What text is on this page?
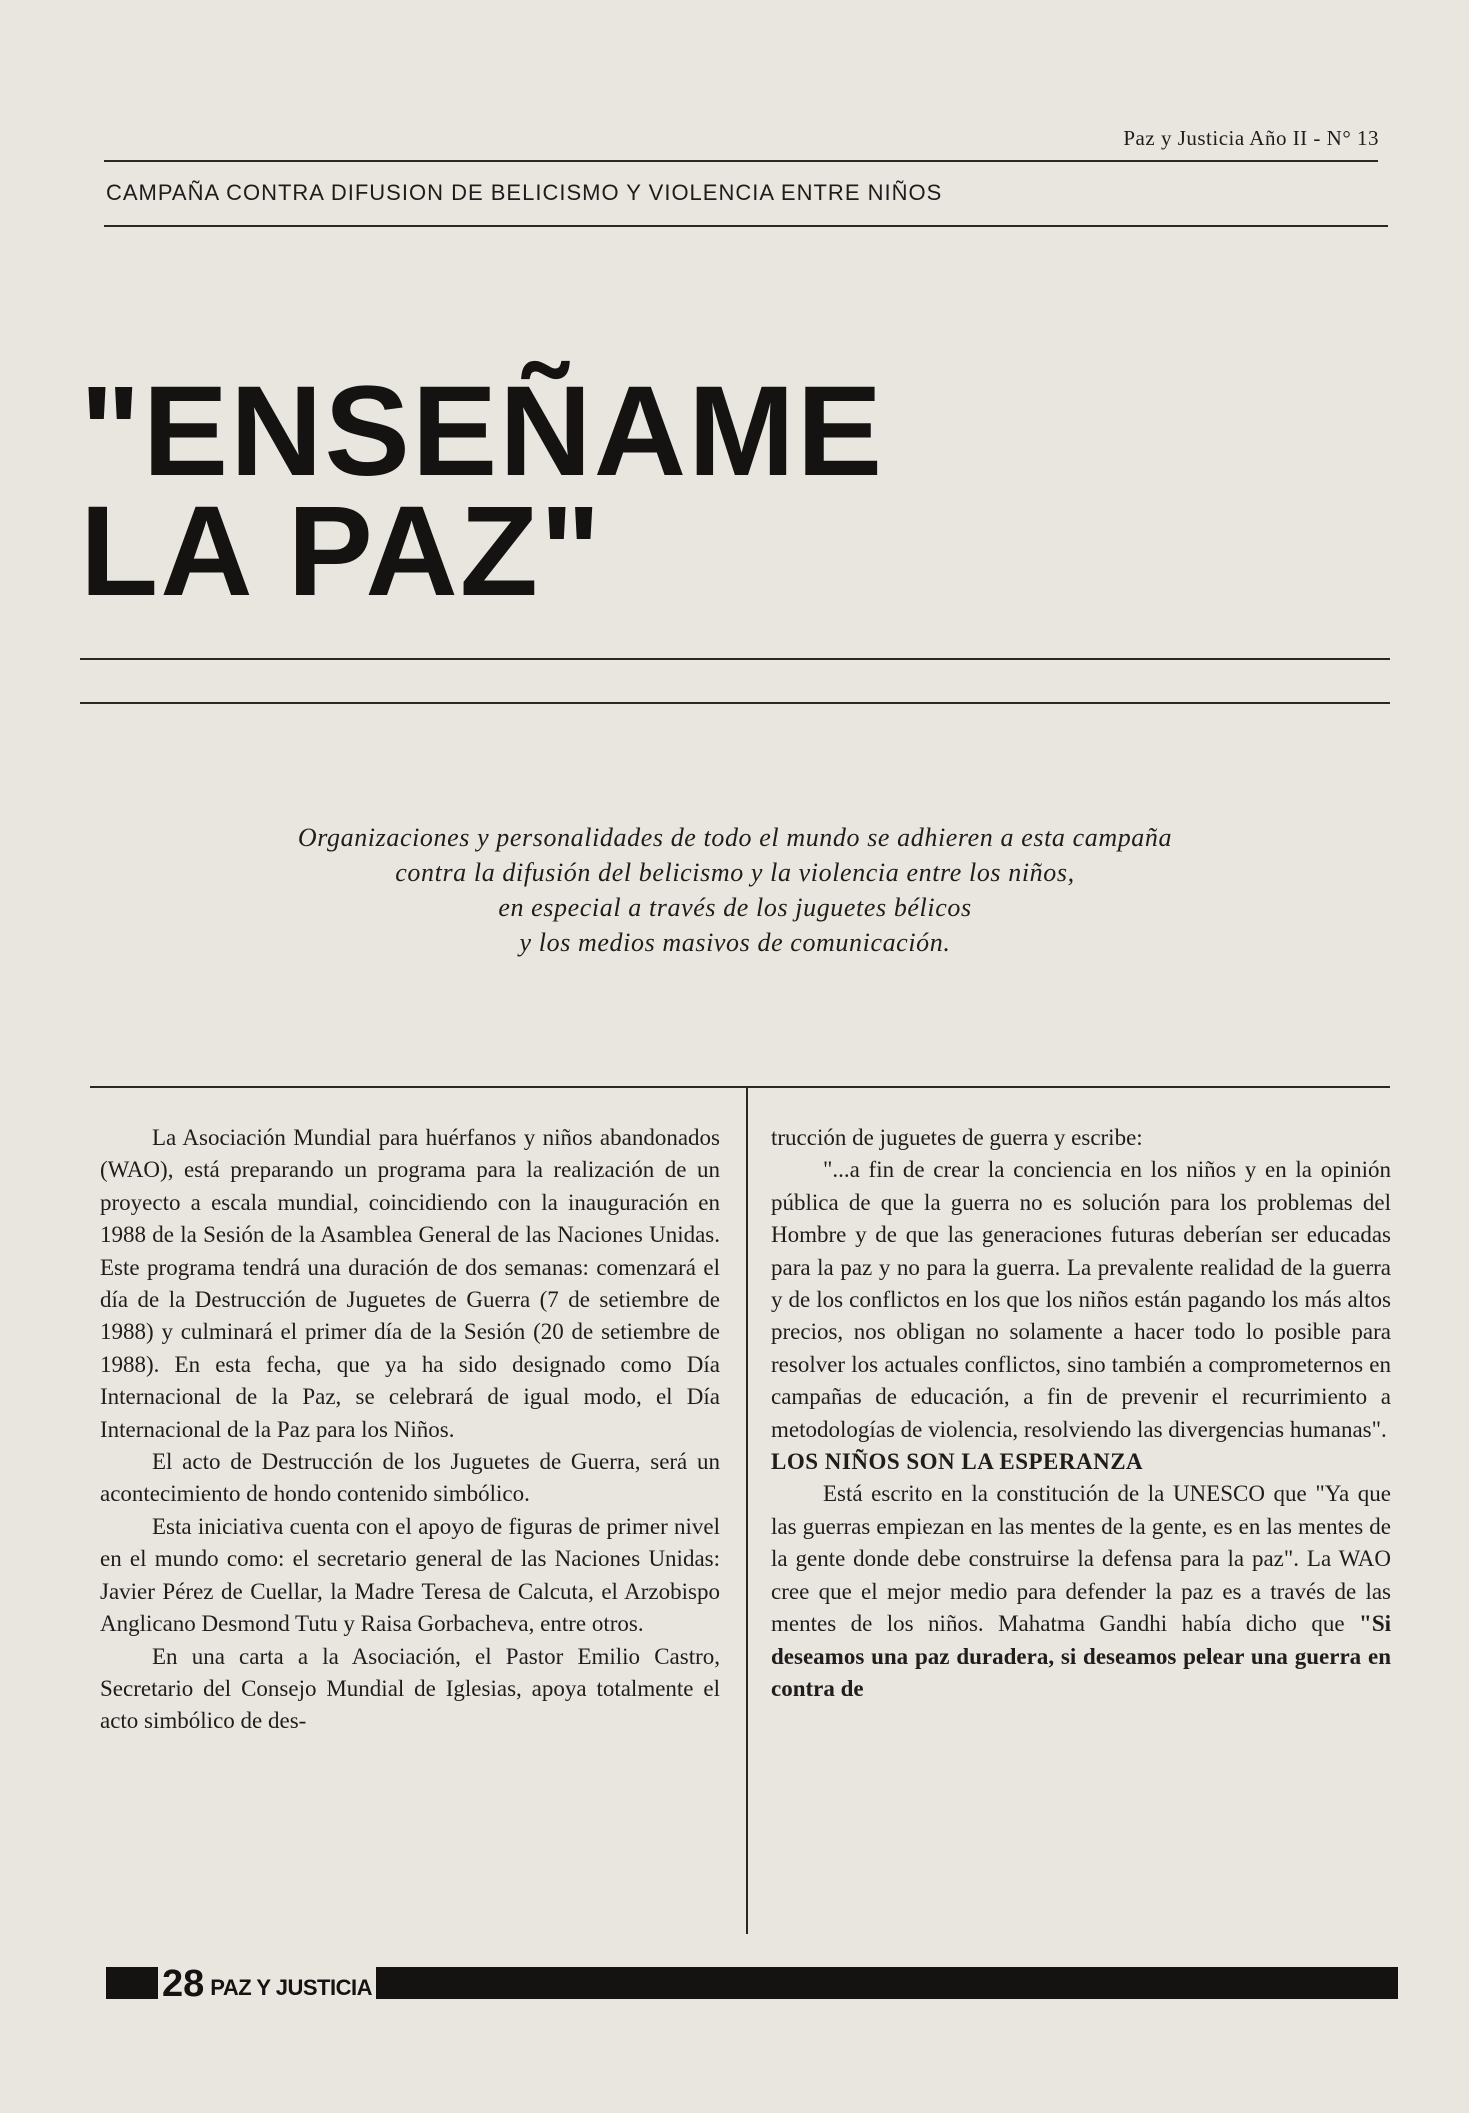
Paz y Justicia Año II - N° 13
CAMPAÑA CONTRA DIFUSION DE BELICISMO Y VIOLENCIA ENTRE NIÑOS
"ENSEÑAME
LA PAZ"
Organizaciones y personalidades de todo el mundo se adhieren a esta campaña
contra la difusión del belicismo y la violencia entre los niños,
en especial a través de los juguetes bélicos
y los medios masivos de comunicación.

La Asociación Mundial para huérfanos y niños abandonados (WAO), está preparando un programa para la realización de un proyecto a escala mundial, coincidiendo con la inauguración en 1988 de la Sesión de la Asamblea General de las Naciones Unidas. Este programa tendrá una duración de dos semanas: comenzará el día de la Destrucción de Juguetes de Guerra (7 de setiembre de 1988) y culminará el primer día de la Sesión (20 de setiembre de 1988). En esta fecha, que ya ha sido designado como Día Internacional de la Paz, se celebrará de igual modo, el Día Internacional de la Paz para los Niños.

El acto de Destrucción de los Juguetes de Guerra, será un acontecimiento de hondo contenido simbólico.

Esta iniciativa cuenta con el apoyo de figuras de primer nivel en el mundo como: el secretario general de las Naciones Unidas: Javier Pérez de Cuellar, la Madre Teresa de Calcuta, el Arzobispo Anglicano Desmond Tutu y Raisa Gorbacheva, entre otros.

En una carta a la Asociación, el Pastor Emilio Castro, Secretario del Consejo Mundial de Iglesias, apoya totalmente el acto simbólico de des-

trucción de juguetes de guerra y escribe:

"...a fin de crear la conciencia en los niños y en la opinión pública de que la guerra no es solución para los problemas del Hombre y de que las generaciones futuras deberían ser educadas para la paz y no para la guerra. La prevalente realidad de la guerra y de los conflictos en los que los niños están pagando los más altos precios, nos obligan no solamente a hacer todo lo posible para resolver los actuales conflictos, sino también a comprometernos en campañas de educación, a fin de prevenir el recurrimiento a metodologías de violencia, resolviendo las divergencias humanas".

LOS NIÑOS SON LA ESPERANZA

Está escrito en la constitución de la UNESCO que "Ya que las guerras empiezan en las mentes de la gente, es en las mentes de la gente donde debe construirse la defensa para la paz". La WAO cree que el mejor medio para defender la paz es a través de las mentes de los niños. Mahatma Gandhi había dicho que "Si deseamos una paz duradera, si deseamos pelear una guerra en contra de

28 PAZ Y JUSTICIA
